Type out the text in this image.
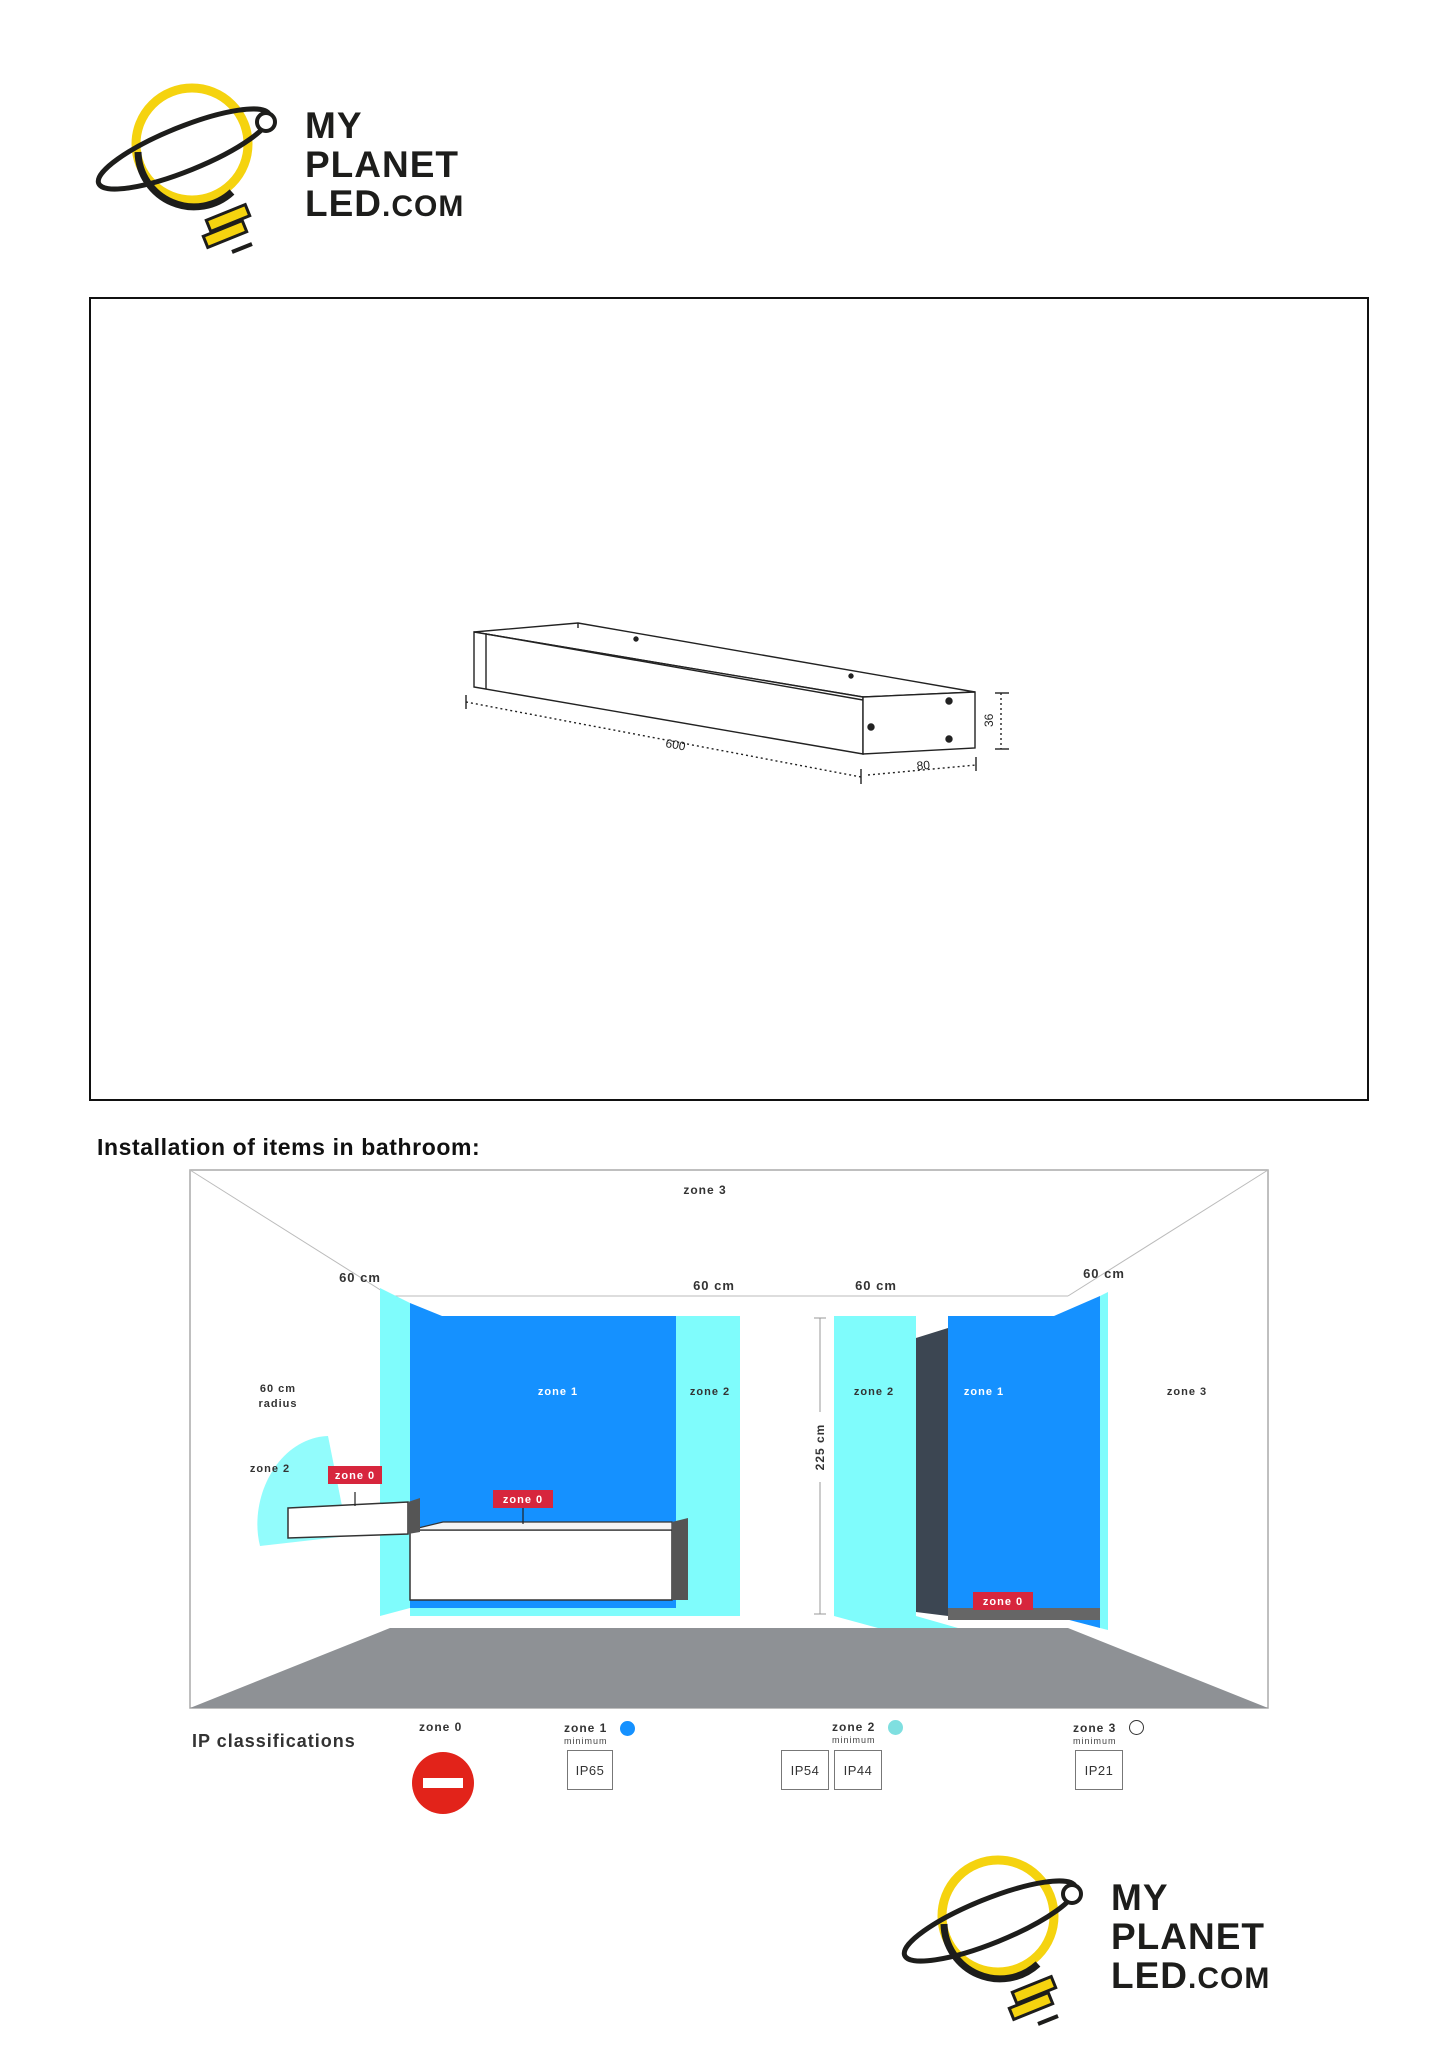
MY
PLANET
LED.COM
600
80
36
Installation of items in bathroom:
zone 3
60 cm
60 cm	60 cm
60 cm
60 cm
radius
zone 2
zone 0
zone 1
zone 0
zone 2
225 cm
zone 2	zone 1
zone 0
zone 3
IP classifications
zone 0	zone 1
minimum
IP65
zone 2
minimum
IP54	IP44
zone 3
minimum
IP21
MY
PLANET
LED.COM
